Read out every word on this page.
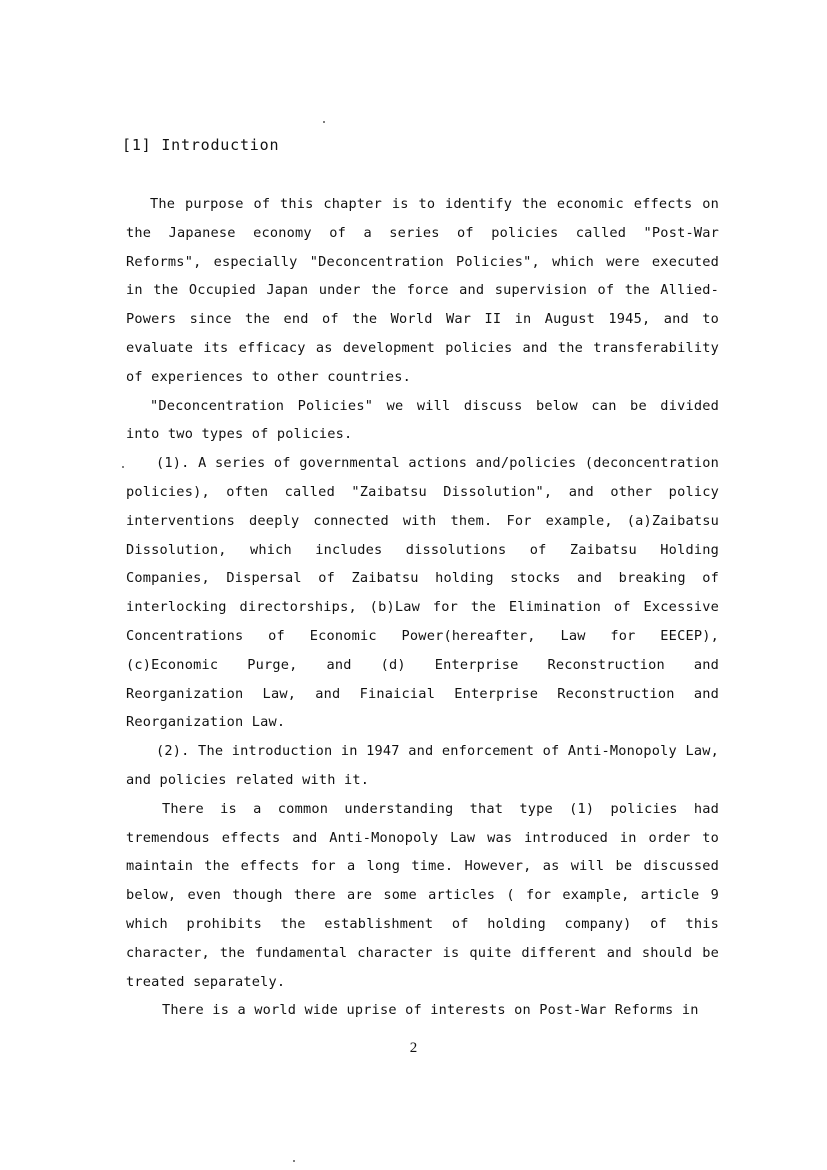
[1] Introduction

The purpose of this chapter is to identify the economic effects on the Japanese economy of a series of policies called "Post-War Reforms", especially "Deconcentration Policies", which were executed in the Occupied Japan under the force and supervision of the Allied-Powers since the end of the World War II in August 1945, and to evaluate its efficacy as development policies and the transferability of experiences to other countries.

"Deconcentration Policies" we will discuss below can be divided into two types of policies.

(1). A series of governmental actions and/policies (deconcentration policies), often called "Zaibatsu Dissolution", and other policy interventions deeply connected with them. For example, (a)Zaibatsu Dissolution, which includes dissolutions of Zaibatsu Holding Companies, Dispersal of Zaibatsu holding stocks and breaking of interlocking directorships, (b)Law for the Elimination of Excessive Concentrations of Economic Power(hereafter, Law for EECEP), (c)Economic Purge, and (d) Enterprise Reconstruction and Reorganization Law, and Finaicial Enterprise Reconstruction and Reorganization Law.

(2). The introduction in 1947 and enforcement of Anti-Monopoly Law, and policies related with it.

There is a common understanding that type (1) policies had tremendous effects and Anti-Monopoly Law was introduced in order to maintain the effects for a long time. However, as will be discussed below, even though there are some articles ( for example, article 9 which prohibits the establishment of holding company) of this character, the fundamental character is quite different and should be treated separately.

There is a world wide uprise of interests on Post-War Reforms in

2
